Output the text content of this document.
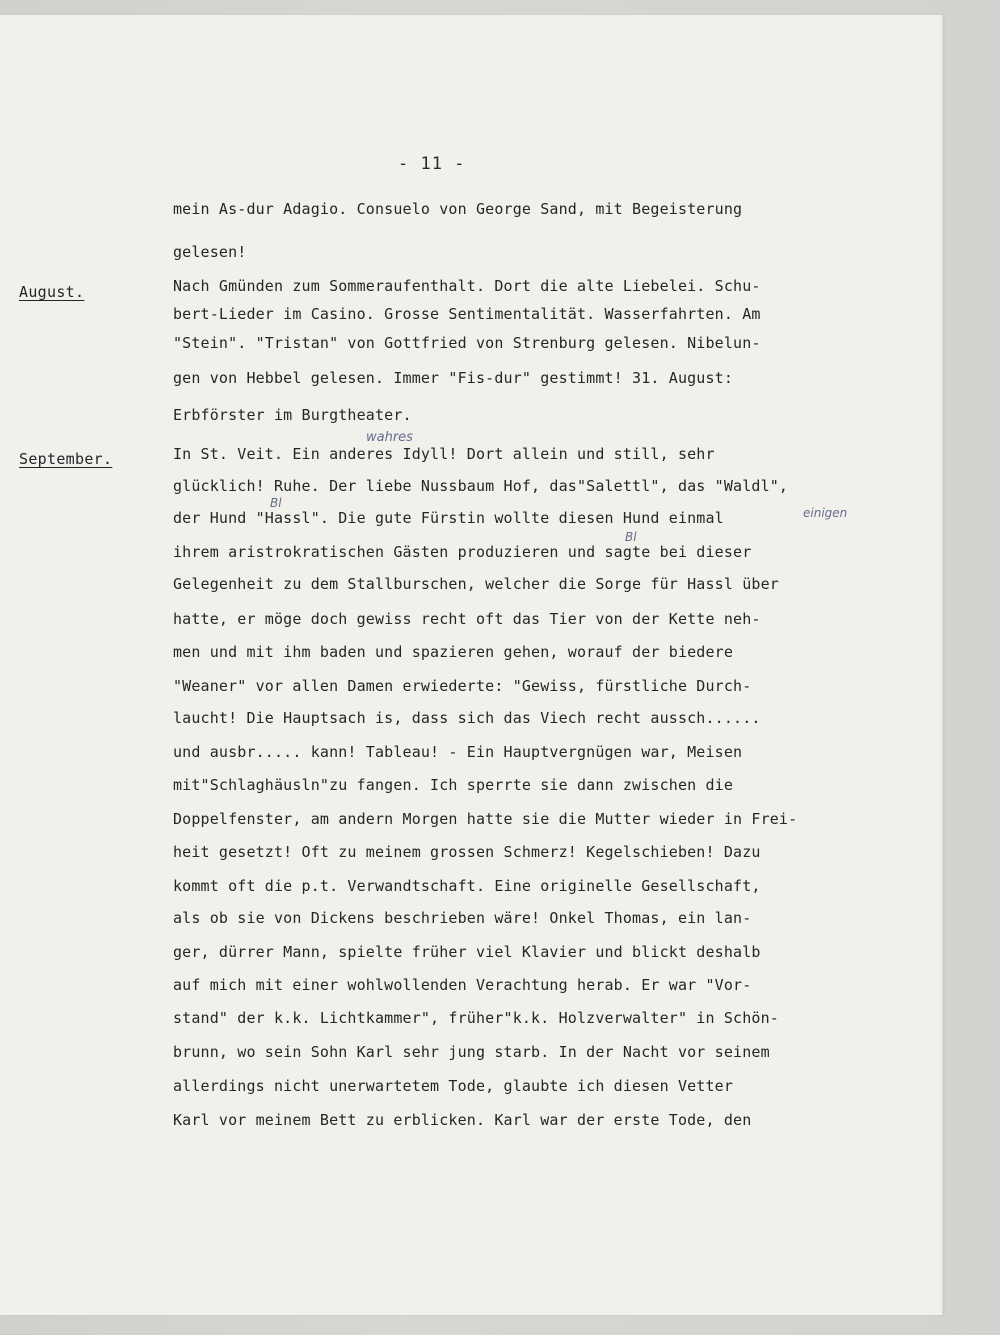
- 11 -
August.
September.
mein As-dur Adagio. Consuelo von George Sand, mit Begeisterung
gelesen!
Nach Gmünden zum Sommeraufenthalt. Dort die alte Liebelei. Schu-
bert-Lieder im Casino. Grosse Sentimentalität. Wasserfahrten. Am
"Stein". "Tristan" von Gottfried von Strenburg gelesen. Nibelun-
gen von Hebbel gelesen. Immer "Fis-dur" gestimmt! 31. August:
Erbförster im Burgtheater.
In St. Veit. Ein anderes Idyll! Dort allein und still, sehr
glücklich! Ruhe. Der liebe Nussbaum Hof, das"Salettl", das "Waldl",
der Hund "Hassl". Die gute Fürstin wollte diesen Hund einmal
ihrem aristrokratischen Gästen produzieren und sagte bei dieser
Gelegenheit zu dem Stallburschen, welcher die Sorge für Hassl über
hatte, er möge doch gewiss recht oft das Tier von der Kette neh-
men und mit ihm baden und spazieren gehen, worauf der biedere
"Weaner" vor allen Damen erwiederte: "Gewiss, fürstliche Durch-
laucht! Die Hauptsach is, dass sich das Viech recht aussch......
und ausbr..... kann! Tableau! - Ein Hauptvergnügen war, Meisen
mit"Schlaghäusln"zu fangen. Ich sperrte sie dann zwischen die
Doppelfenster, am andern Morgen hatte sie die Mutter wieder in Frei-
heit gesetzt! Oft zu meinem grossen Schmerz! Kegelschieben! Dazu
kommt oft die p.t. Verwandtschaft. Eine originelle Gesellschaft,
als ob sie von Dickens beschrieben wäre! Onkel Thomas, ein lan-
ger, dürrer Mann, spielte früher viel Klavier und blickt deshalb
auf mich mit einer wohlwollenden Verachtung herab. Er war "Vor-
stand" der k.k. Lichtkammer", früher"k.k. Holzverwalter" in Schön-
brunn, wo sein Sohn Karl sehr jung starb. In der Nacht vor seinem
allerdings nicht unerwartetem Tode, glaubte ich diesen Vetter
Karl vor meinem Bett zu erblicken. Karl war der erste Tode, den
wahres
Bl
einigen
Bl
